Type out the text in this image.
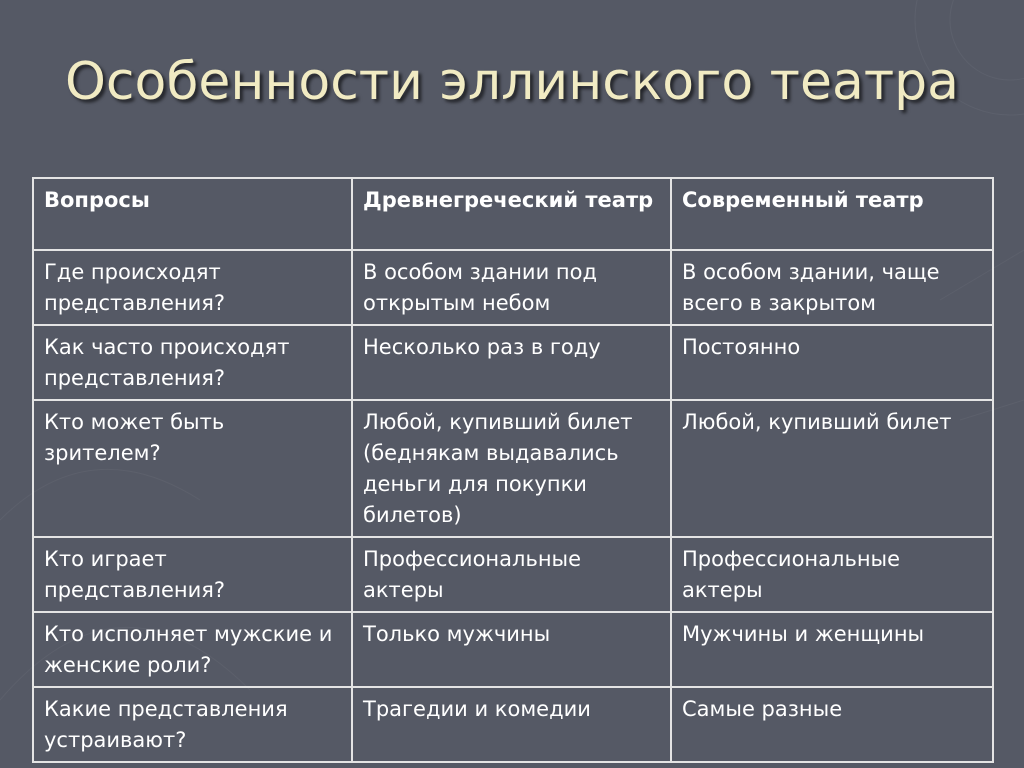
Особенности эллинского театра
Вопросы	Древнегреческий театр	Современный театр
Где происходят представления?	В особом здании под открытым небом	В особом здании, чаще всего в закрытом
Как часто происходят представления?	Несколько раз в году	Постоянно
Кто может быть зрителем?	Любой, купивший билет (беднякам выдавались деньги для покупки билетов)	Любой, купивший билет
Кто играет представления?	Профессиональные актеры	Профессиональные актеры
Кто исполняет мужские и женские роли?	Только мужчины	Мужчины и женщины
Какие представления устраивают?	Трагедии и комедии	Самые разные
